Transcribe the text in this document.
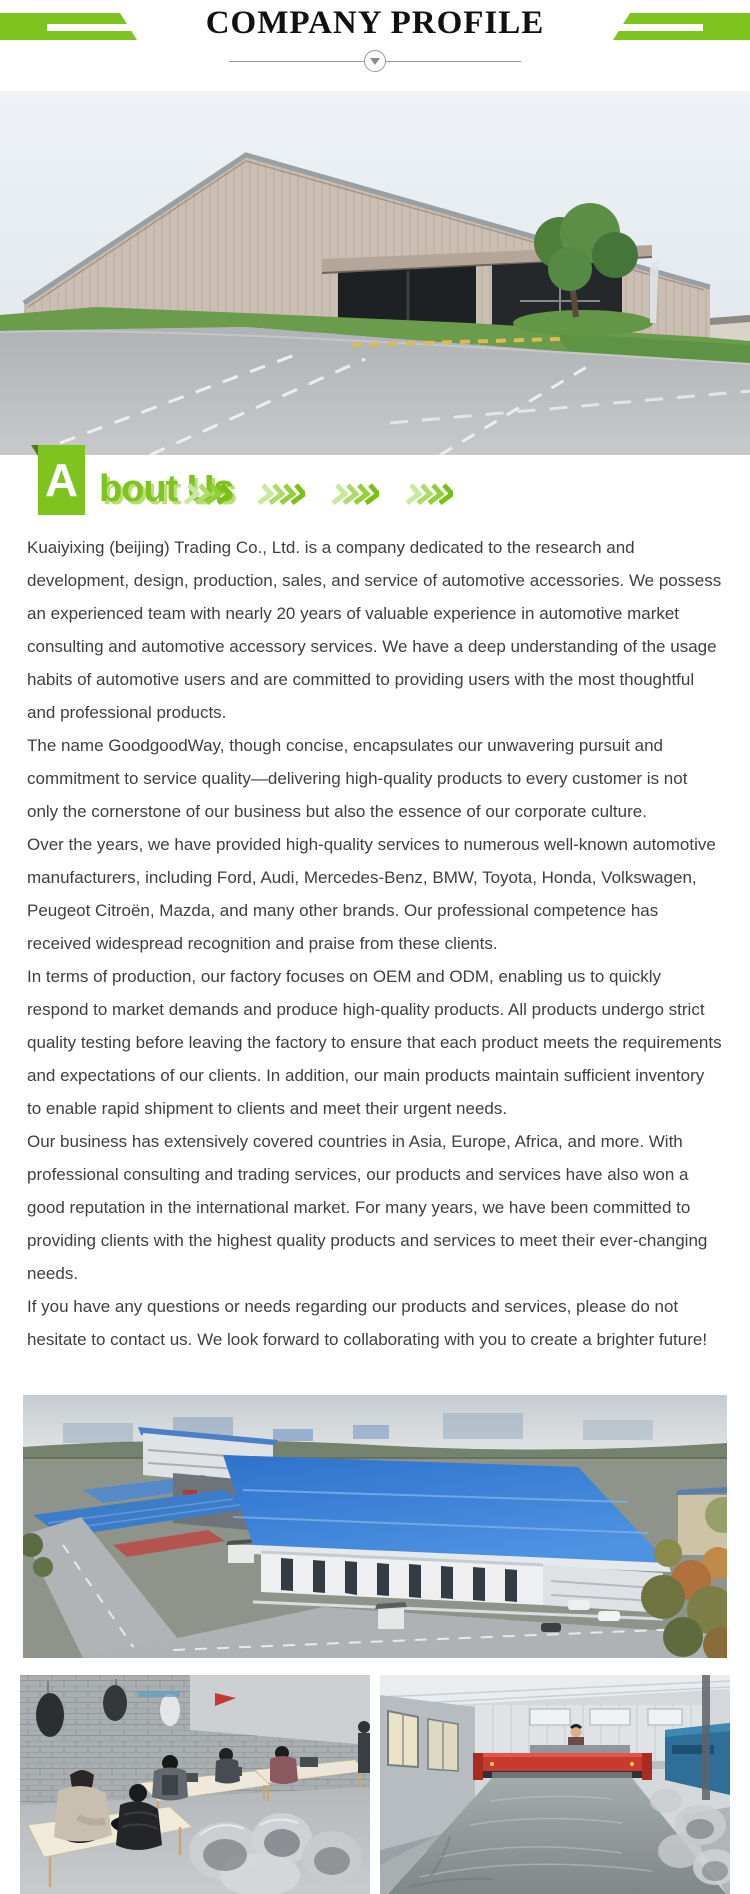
COMPANY PROFILE
A bout Us

Kuaiyixing (beijing) Trading Co., Ltd. is a company dedicated to the research and development, design, production, sales, and service of automotive accessories. We possess an experienced team with nearly 20 years of valuable experience in automotive market consulting and automotive accessory services. We have a deep understanding of the usage habits of automotive users and are committed to providing users with the most thoughtful and professional products.

The name GoodgoodWay, though concise, encapsulates our unwavering pursuit and commitment to service quality—delivering high-quality products to every customer is not only the cornerstone of our business but also the essence of our corporate culture.

Over the years, we have provided high-quality services to numerous well-known automotive manufacturers, including Ford, Audi, Mercedes-Benz, BMW, Toyota, Honda, Volkswagen, Peugeot Citroën, Mazda, and many other brands. Our professional competence has received widespread recognition and praise from these clients.

In terms of production, our factory focuses on OEM and ODM, enabling us to quickly respond to market demands and produce high-quality products. All products undergo strict quality testing before leaving the factory to ensure that each product meets the requirements and expectations of our clients. In addition, our main products maintain sufficient inventory to enable rapid shipment to clients and meet their urgent needs.

Our business has extensively covered countries in Asia, Europe, Africa, and more. With professional consulting and trading services, our products and services have also won a good reputation in the international market. For many years, we have been committed to providing clients with the highest quality products and services to meet their ever-changing needs.

If you have any questions or needs regarding our products and services, please do not hesitate to contact us. We look forward to collaborating with you to create a brighter future!
